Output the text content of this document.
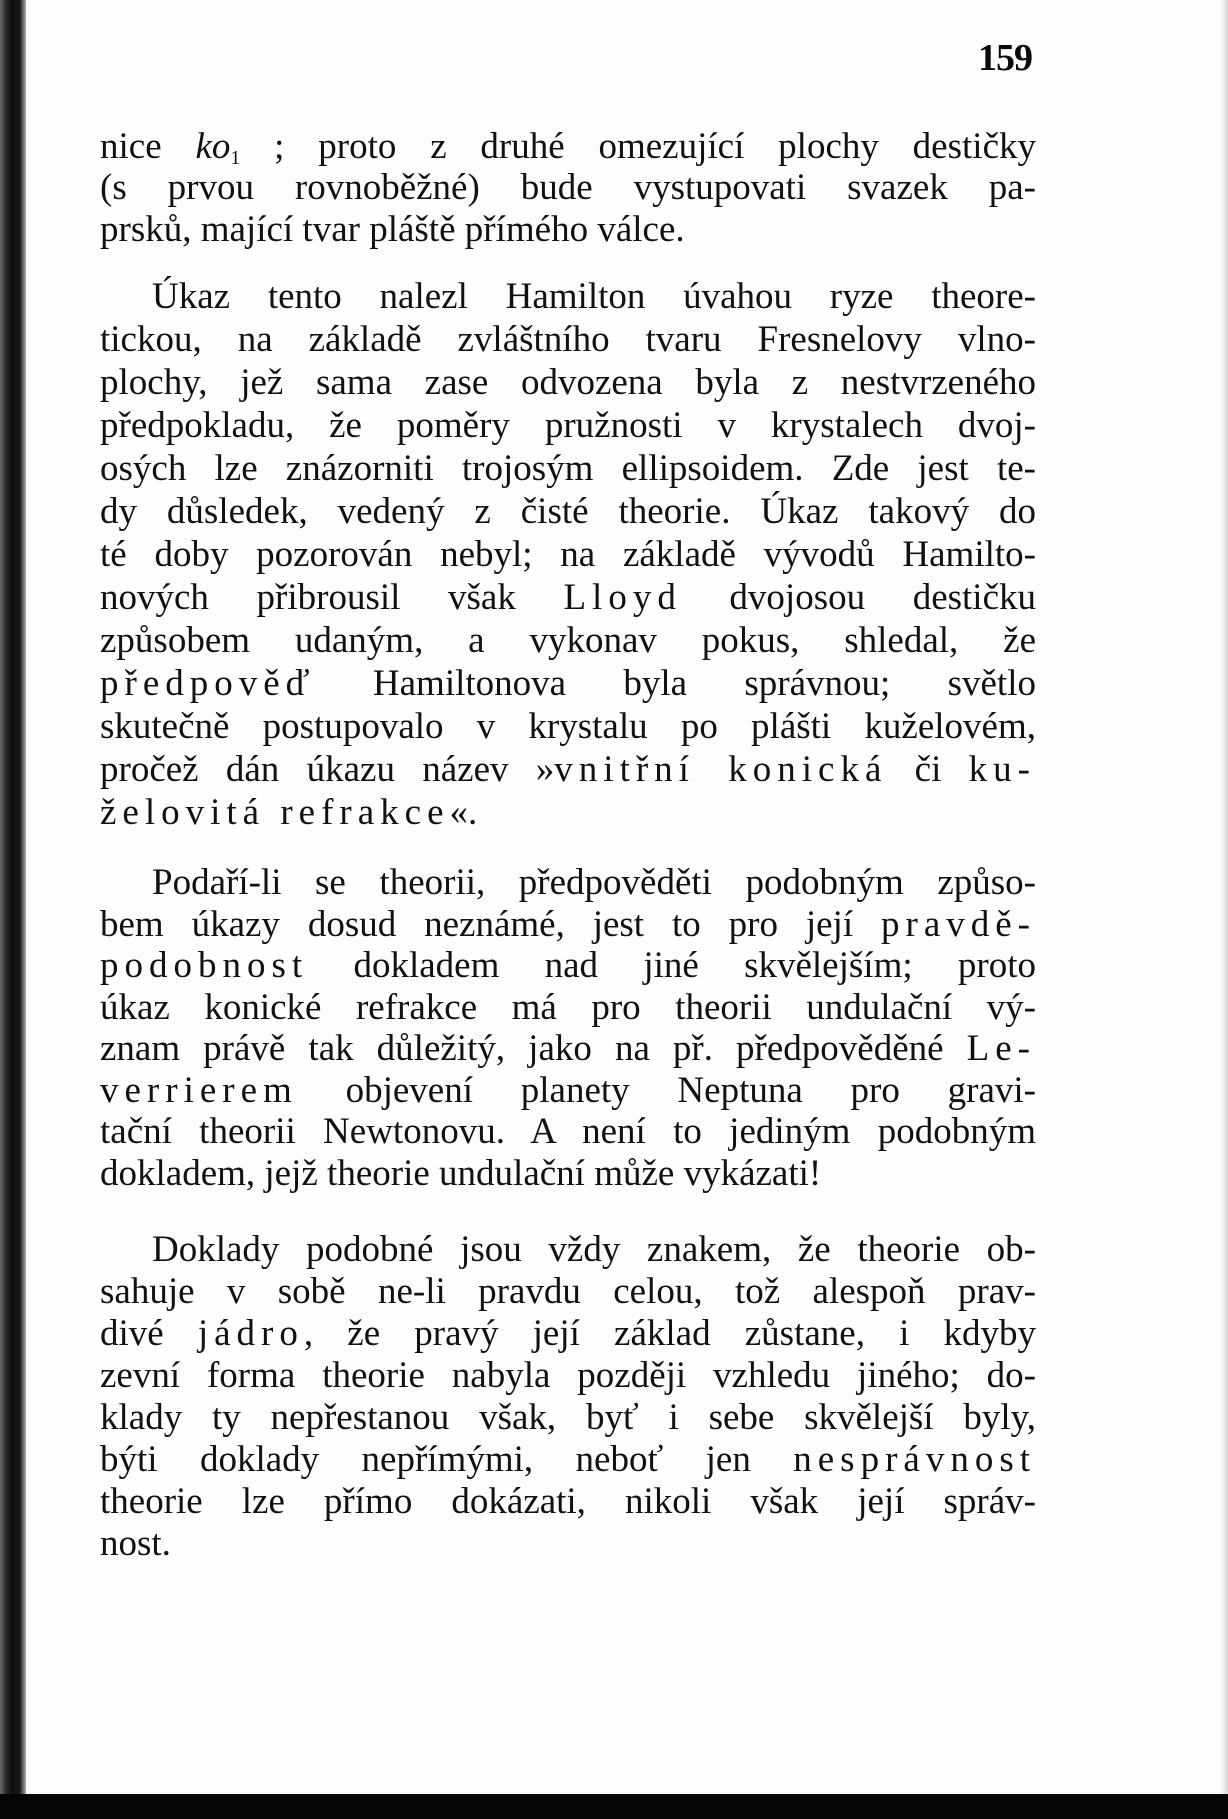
159
nice $ko_1$ ; proto z druhé omezující plochy destičky
(s prvou rovnoběžné) bude vystupovati svazek pa-
prsků, mající tvar pláště přímého válce.
Úkaz tento nalezl Hamilton úvahou ryze theore-
tickou, na základě zvláštního tvaru Fresnelovy vlno-
plochy, jež sama zase odvozena byla z nestvrzeného
předpokladu, že poměry pružnosti v krystalech dvoj-
osých lze znázorniti trojosým ellipsoidem. Zde jest te-
dy důsledek, vedený z čisté theorie. Úkaz takový do
té doby pozorován nebyl; na základě vývodů Hamilto-
nových přibrousil však Lloyd dvojosou destičku
způsobem udaným, a vykonav pokus, shledal, že
předpověď Hamiltonova byla správnou; světlo
skutečně postupovalo v krystalu po plášti kuželovém,
pročež dán úkazu název »vnitřní konická či ku-
želovitá refrakce«.
Podaří-li se theorii, předpověděti podobným způso-
bem úkazy dosud neznámé, jest to pro její pravdě-
podobnost dokladem nad jiné skvělejším; proto
úkaz konické refrakce má pro theorii undulační vý-
znam právě tak důležitý, jako na př. předpověděné Le-
verrierem objevení planety Neptuna pro gravi-
tační theorii Newtonovu. A není to jediným podobným
dokladem, jejž theorie undulační může vykázati!
Doklady podobné jsou vždy znakem, že theorie ob-
sahuje v sobě ne-li pravdu celou, tož alespoň prav-
divé jádro, že pravý její základ zůstane, i kdyby
zevní forma theorie nabyla později vzhledu jiného; do-
klady ty nepřestanou však, byť i sebe skvělejší byly,
býti doklady nepřímými, neboť jen nesprávnost
theorie lze přímo dokázati, nikoli však její správ-
nost.
